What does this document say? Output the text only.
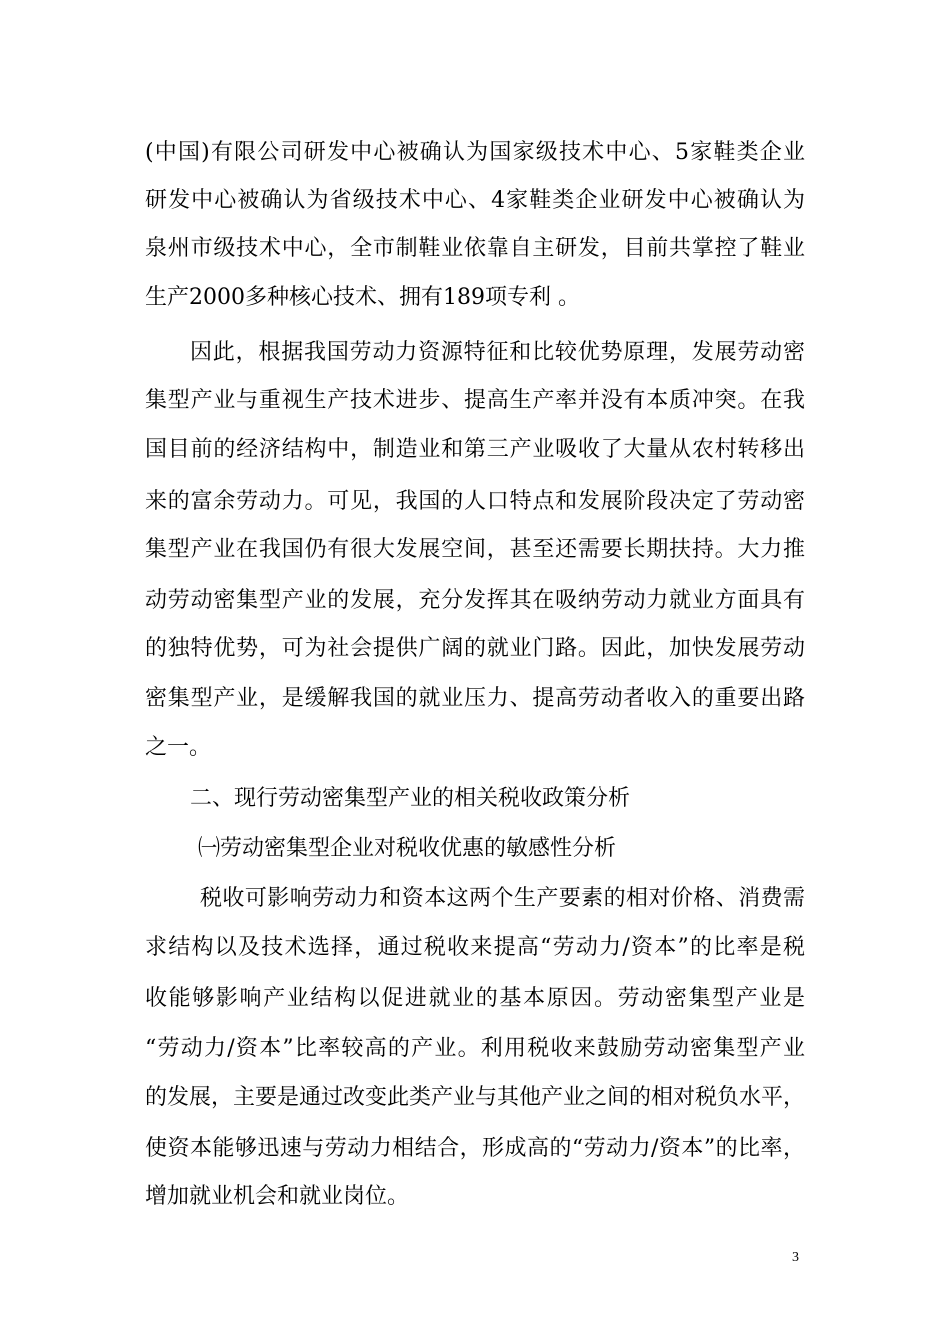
(中国)有限公司研发中心被确认为国家级技术中心、5家鞋类企业
研发中心被确认为省级技术中心、4家鞋类企业研发中心被确认为
泉州市级技术中心，全市制鞋业依靠自主研发，目前共掌控了鞋业
生产2000多种核心技术、拥有189项专利 。
因此，根据我国劳动力资源特征和比较优势原理，发展劳动密
集型产业与重视生产技术进步、提高生产率并没有本质冲突。在我
国目前的经济结构中，制造业和第三产业吸收了大量从农村转移出
来的富余劳动力。可见，我国的人口特点和发展阶段决定了劳动密
集型产业在我国仍有很大发展空间，甚至还需要长期扶持。大力推
动劳动密集型产业的发展，充分发挥其在吸纳劳动力就业方面具有
的独特优势，可为社会提供广阔的就业门路。因此，加快发展劳动
密集型产业，是缓解我国的就业压力、提高劳动者收入的重要出路
之一。
二、现行劳动密集型产业的相关税收政策分析
㈠劳动密集型企业对税收优惠的敏感性分析
税收可影响劳动力和资本这两个生产要素的相对价格、消费需
求结构以及技术选择，通过税收来提高“劳动力/资本”的比率是税
收能够影响产业结构以促进就业的基本原因。劳动密集型产业是
“劳动力/资本”比率较高的产业。利用税收来鼓励劳动密集型产业
的发展，主要是通过改变此类产业与其他产业之间的相对税负水平，
使资本能够迅速与劳动力相结合，形成高的“劳动力/资本”的比率，
增加就业机会和就业岗位。
3
